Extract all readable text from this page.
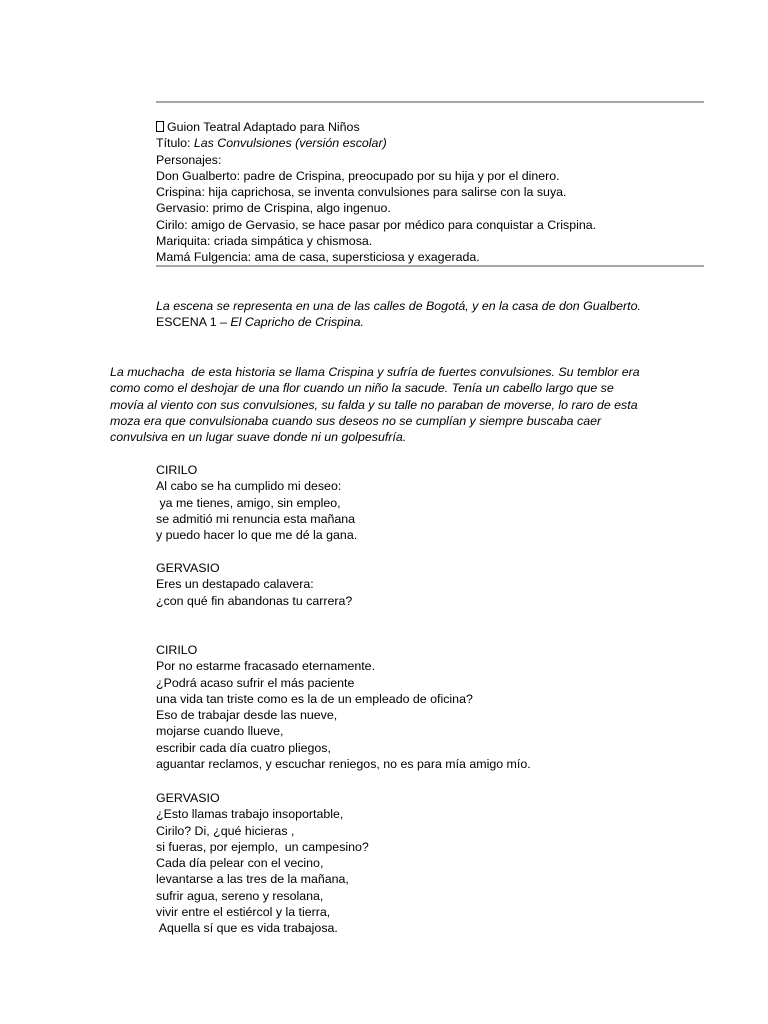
Guion Teatral Adaptado para Niños
Título: Las Convulsiones (versión escolar)
Personajes:
Don Gualberto: padre de Crispina, preocupado por su hija y por el dinero.
Crispina: hija caprichosa, se inventa convulsiones para salirse con la suya.
Gervasio: primo de Crispina, algo ingenuo.
Cirilo: amigo de Gervasio, se hace pasar por médico para conquistar a Crispina.
Mariquita: criada simpática y chismosa.
Mamá Fulgencia: ama de casa, supersticiosa y exagerada.
La escena se representa en una de las calles de Bogotá, y en la casa de don Gualberto.
ESCENA 1 – El Capricho de Crispina.
La muchacha  de esta historia se llama Crispina y sufría de fuertes convulsiones. Su temblor era
como como el deshojar de una flor cuando un niño la sacude. Tenía un cabello largo que se
movía al viento con sus convulsiones, su falda y su talle no paraban de moverse, lo raro de esta
moza era que convulsionaba cuando sus deseos no se cumplían y siempre buscaba caer
convulsiva en un lugar suave donde ni un golpesufría.
CIRILO
Al cabo se ha cumplido mi deseo:
ya me tienes, amigo, sin empleo,
se admitió mi renuncia esta mañana
y puedo hacer lo que me dé la gana.
GERVASIO
Eres un destapado calavera:
¿con qué fin abandonas tu carrera?
CIRILO
Por no estarme fracasado eternamente.
¿Podrá acaso sufrir el más paciente
una vida tan triste como es la de un empleado de oficina?
Eso de trabajar desde las nueve,
mojarse cuando llueve,
escribir cada día cuatro pliegos,
aguantar reclamos, y escuchar reniegos, no es para mía amigo mío.
GERVASIO
¿Esto llamas trabajo insoportable,
Cirilo? Di, ¿qué hicieras ,
si fueras, por ejemplo,  un campesino?
Cada día pelear con el vecino,
levantarse a las tres de la mañana,
sufrir agua, sereno y resolana,
vivir entre el estiércol y la tierra,
Aquella sí que es vida trabajosa.
